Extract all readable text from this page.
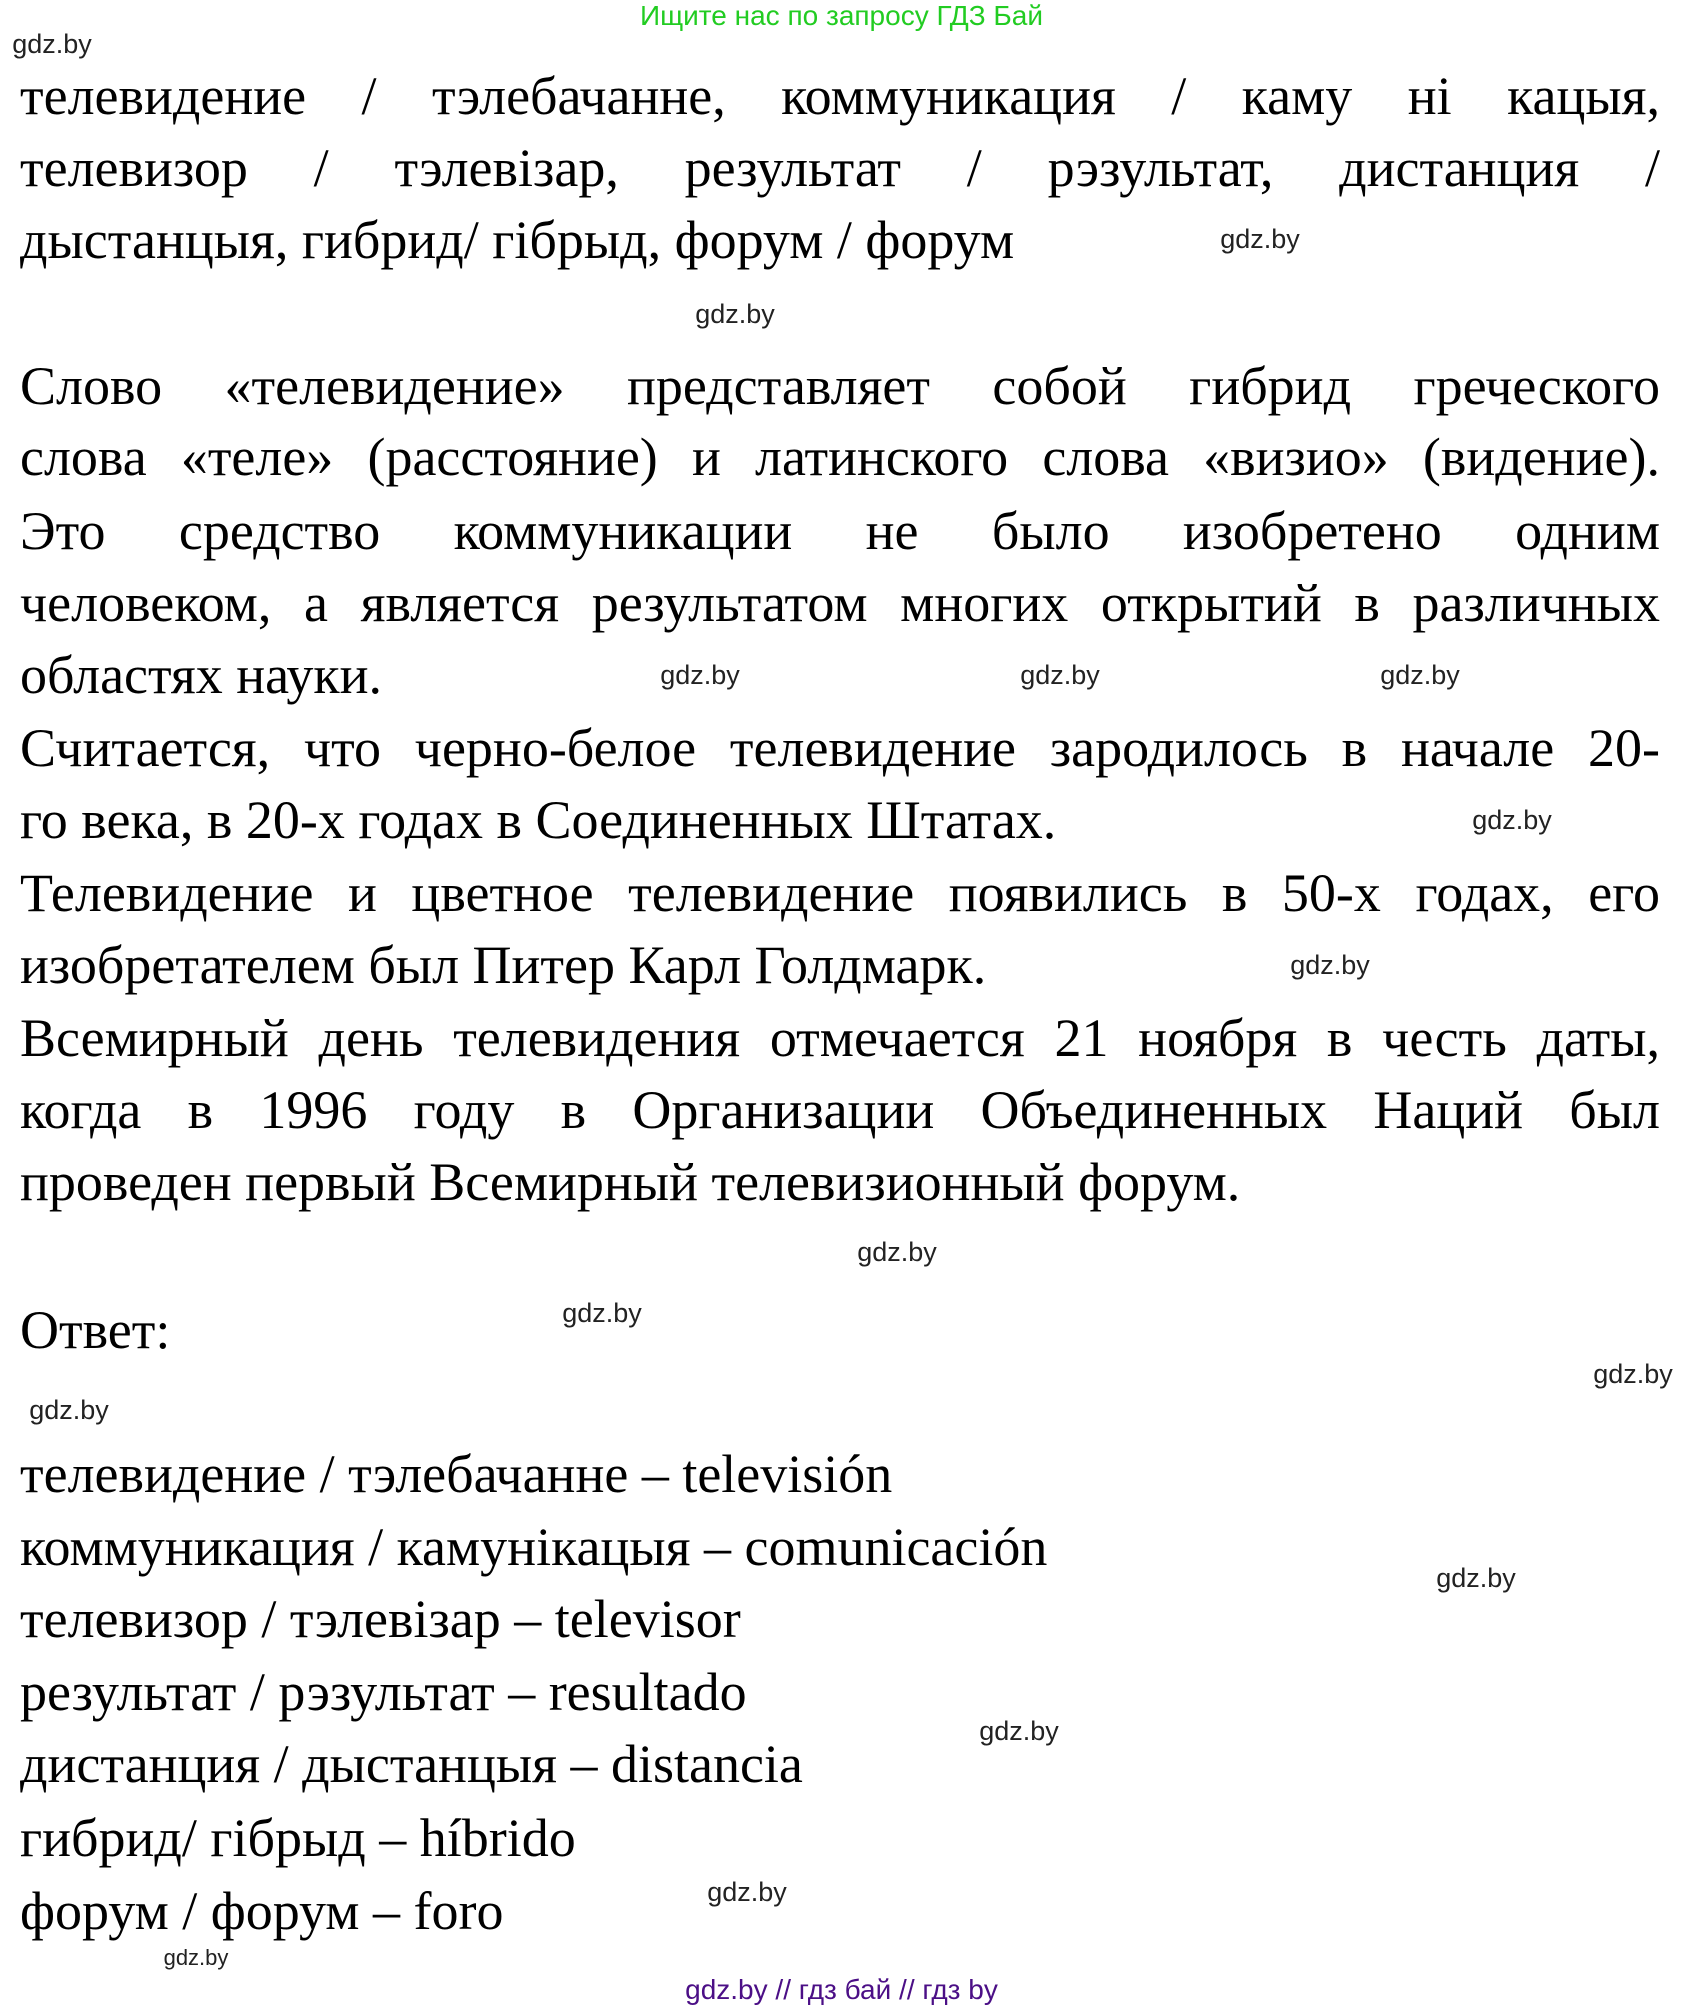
Ищите нас по запросу ГДЗ Бай
телевидение / тэлебачанне, коммуникация / каму ні кацыя,
телевизор / тэлевізар, результат / рэзультат, дистанция /
дыстанцыя, гибрид/ гібрыд, форум / форум
Слово «телевидение» представляет собой гибрид греческого
слова «теле» (расстояние) и латинского слова «визио» (видение).
Это средство коммуникации не было изобретено одним
человеком, а является результатом многих открытий в различных
областях науки.
Считается, что черно-белое телевидение зародилось в начале 20-
го века, в 20-х годах в Соединенных Штатах.
Телевидение и цветное телевидение появились в 50-х годах, его
изобретателем был Питер Карл Голдмарк.
Всемирный день телевидения отмечается 21 ноября в честь даты,
когда в 1996 году в Организации Объединенных Наций был
проведен первый Всемирный телевизионный форум.
Ответ:
телевидение / тэлебачанне – televisión
коммуникация / камунікацыя – comunicación
телевизор / тэлевізар – televisor
результат / рэзультат – resultado
дистанция / дыстанцыя – distancia
гибрид/ гібрыд – híbrido
форум / форум – foro
gdz.by
gdz.by
gdz.by
gdz.by
gdz.by	gdz.by
gdz.by
gdz.by
gdz.by
gdz.by
gdz.by
gdz.by
gdz.by
gdz.by
gdz.by
gdz.by
gdz.by // гдз бай // гдз by
